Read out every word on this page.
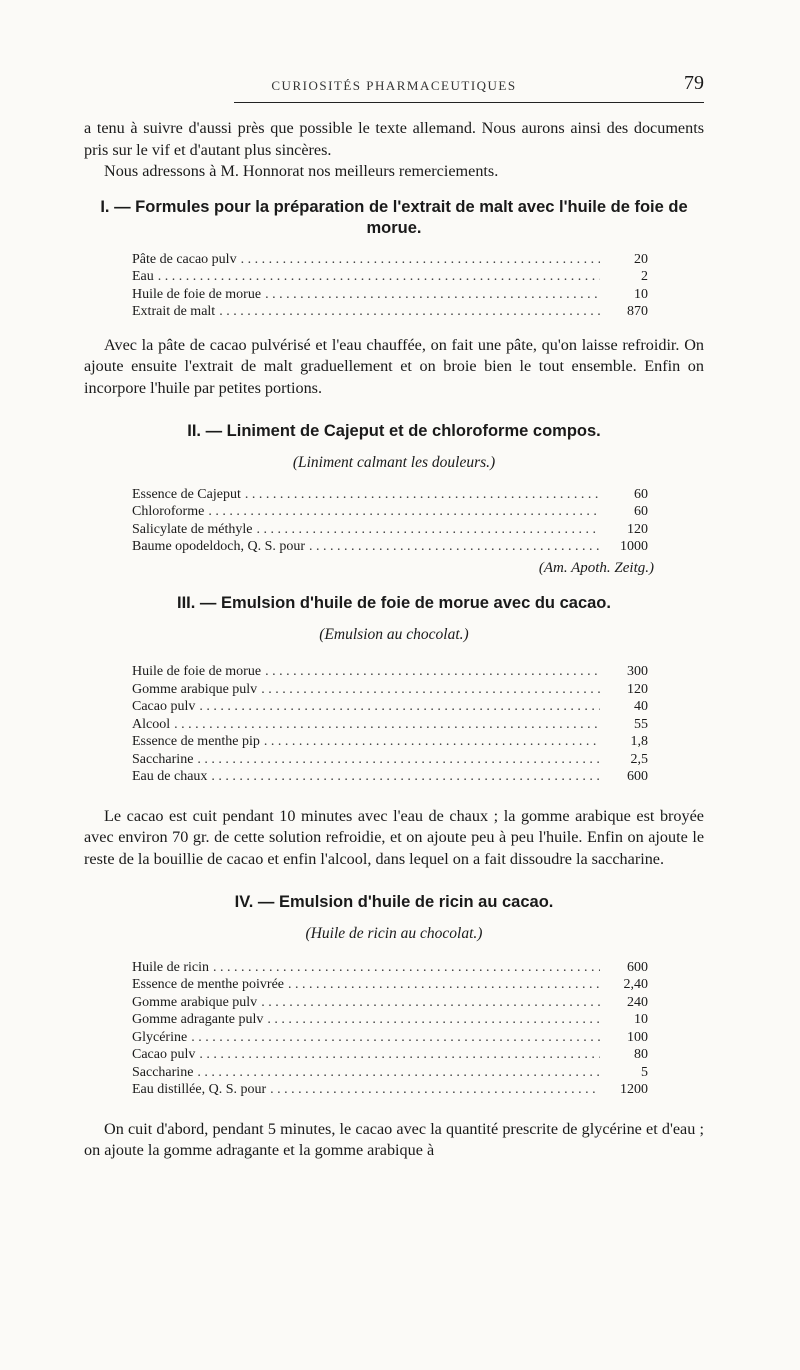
CURIOSITÉS PHARMACEUTIQUES	79

a tenu à suivre d'aussi près que possible le texte allemand. Nous aurons ainsi des documents pris sur le vif et d'autant plus sincères.

Nous adressons à M. Honnorat nos meilleurs remerciements.

I. — Formules pour la préparation de l'extrait de malt avec l'huile de foie de morue.
Pâte de cacao pulv . . .	20
Eau . . .	2
Huile de foie de morue . . .	10
Extrait de malt . . .	870

Avec la pâte de cacao pulvérisé et l'eau chauffée, on fait une pâte, qu'on laisse refroidir. On ajoute ensuite l'extrait de malt graduellement et on broie bien le tout ensemble. Enfin on incorpore l'huile par petites portions.

II. — Liniment de Cajeput et de chloroforme compos.

(Liniment calmant les douleurs.)

Essence de Cajeput . . .	60
Chloroforme . . .	60
Salicylate de méthyle . . .	120
Baume opodeldoch, Q. S. pour . . .	1000
(Am. Apoth. Zeitg.)
III. — Emulsion d'huile de foie de morue avec du cacao.

(Emulsion au chocolat.)

Huile de foie de morue . . .	300
Gomme arabique pulv . . .	120
Cacao pulv . . .	40
Alcool . . .	55
Essence de menthe pip . . .	1,8
Saccharine . . .	2,5
Eau de chaux . . .	600

Le cacao est cuit pendant 10 minutes avec l'eau de chaux ; la gomme arabique est broyée avec environ 70 gr. de cette solution refroidie, et on ajoute peu à peu l'huile. Enfin on ajoute le reste de la bouillie de cacao et enfin l'alcool, dans lequel on a fait dissoudre la saccharine.

IV. — Emulsion d'huile de ricin au cacao.

(Huile de ricin au chocolat.)

Huile de ricin . . .	600
Essence de menthe poivrée . . .	2,40
Gomme arabique pulv . . .	240
Gomme adragante pulv . . .	10
Glycérine . . .	100
Cacao pulv . . .	80
Saccharine . . .	5
Eau distillée, Q. S. pour . . .	1200

On cuit d'abord, pendant 5 minutes, le cacao avec la quantité prescrite de glycérine et d'eau ; on ajoute la gomme adragante et la gomme arabique à
